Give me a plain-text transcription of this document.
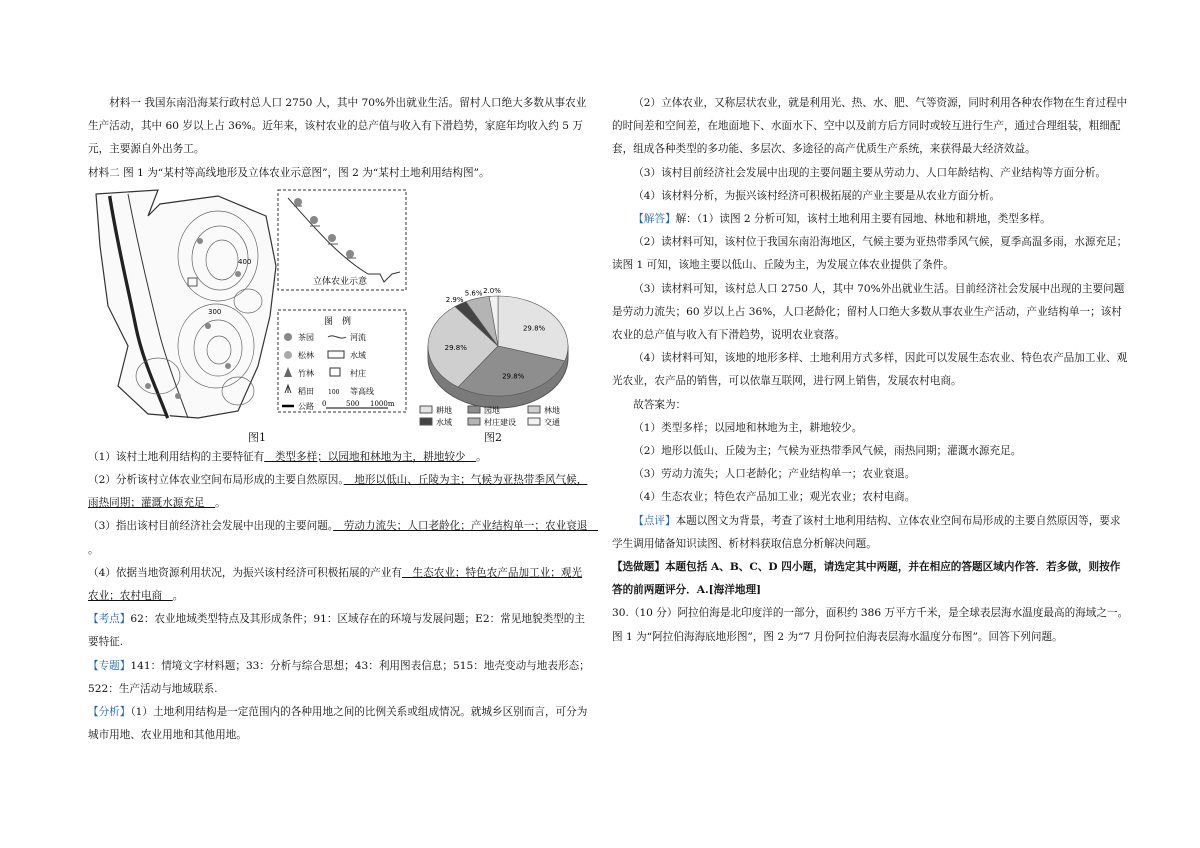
材料一 我国东南沿海某行政村总人口 2750 人，其中 70%外出就业生活。留村人口绝大多数从事农业生产活动，其中 60 岁以上占 36%。近年来，该村农业的总产值与收入有下滑趋势，家庭年均收入约 5 万元，主要源自外出务工。

材料二 图 1 为“某村等高线地形及立体农业示意图”，图 2 为“某村土地利用结构图”。

400
300
立体农业示意
图　例
茶园	河流
松林	水域
竹林	村庄
稻田 100 等高线
公路 0	500 1000m
29.8%
29.8%
29.8%
2.9%
5.6% 2.0%
耕地	园地	林地
水域	村庄建设	交通
图1	图2

（1）该村土地利用结构的主要特征有　类型多样；以园地和林地为主，耕地较少　。

（2）分析该村立体农业空间布局形成的主要自然原因。　地形以低山、丘陵为主；气候为亚热带季风气候，雨热同期；灌溉水源充足　。

（3）指出该村目前经济社会发展中出现的主要问题。　劳动力流失；人口老龄化；产业结构单一；农业衰退　。

（4）依据当地资源利用状况，为振兴该村经济可积极拓展的产业有　生态农业；特色农产品加工业；观光农业；农村电商　。

【考点】62：农业地域类型特点及其形成条件；91：区域存在的环境与发展问题；E2：常见地貌类型的主要特征.

【专题】141：情境文字材料题；33：分析与综合思想；43：利用图表信息；515：地壳变动与地表形态；522：生产活动与地域联系.

【分析】（1）土地利用结构是一定范围内的各种用地之间的比例关系或组成情况。就城乡区别而言，可分为城市用地、农业用地和其他用地。

（2）立体农业，又称层状农业，就是利用光、热、水、肥、气等资源，同时利用各种农作物在生育过程中的时间差和空间差，在地面地下、水面水下、空中以及前方后方同时或较互进行生产，通过合理组装，粗细配套，组成各种类型的多功能、多层次、多途径的高产优质生产系统，来获得最大经济效益。

（3）该村目前经济社会发展中出现的主要问题主要从劳动力、人口年龄结构、产业结构等方面分析。

（4）该材料分析，为振兴该村经济可积极拓展的产业主要是从农业方面分析。

【解答】解：（1）读图 2 分析可知，该村土地利用主要有园地、林地和耕地，类型多样。

（2）读材料可知，该村位于我国东南沿海地区，气候主要为亚热带季风气候，夏季高温多雨，水源充足；读图 1 可知，该地主要以低山、丘陵为主，为发展立体农业提供了条件。

（3）读材料可知，该村总人口 2750 人，其中 70%外出就业生活。目前经济社会发展中出现的主要问题是劳动力流失；60 岁以上占 36%，人口老龄化；留村人口绝大多数从事农业生产活动，产业结构单一；该村农业的总产值与收入有下滑趋势，说明农业衰落。

（4）读材料可知，该地的地形多样、土地利用方式多样，因此可以发展生态农业、特色农产品加工业、观光农业，农产品的销售，可以依靠互联网，进行网上销售，发展农村电商。

故答案为：

（1）类型多样；以园地和林地为主，耕地较少。

（2）地形以低山、丘陵为主；气候为亚热带季风气候，雨热同期；灌溉水源充足。

（3）劳动力流失；人口老龄化；产业结构单一；农业衰退。

（4）生态农业；特色农产品加工业；观光农业；农村电商。

【点评】本题以图文为背景，考查了该村土地利用结构、立体农业空间布局形成的主要自然原因等，要求学生调用储备知识读图、析材料获取信息分析解决问题。

【选做题】本题包括 A、B、C、D 四小题，请选定其中两题，并在相应的答题区域内作答．若多做，则按作答的前两题评分．A.[海洋地理]

30.（10 分）阿拉伯海是北印度洋的一部分，面积约 386 万平方千米，是全球表层海水温度最高的海域之一。图 1 为“阿拉伯海海底地形图”，图 2 为“7 月份阿拉伯海表层海水温度分布图”。回答下列问题。
